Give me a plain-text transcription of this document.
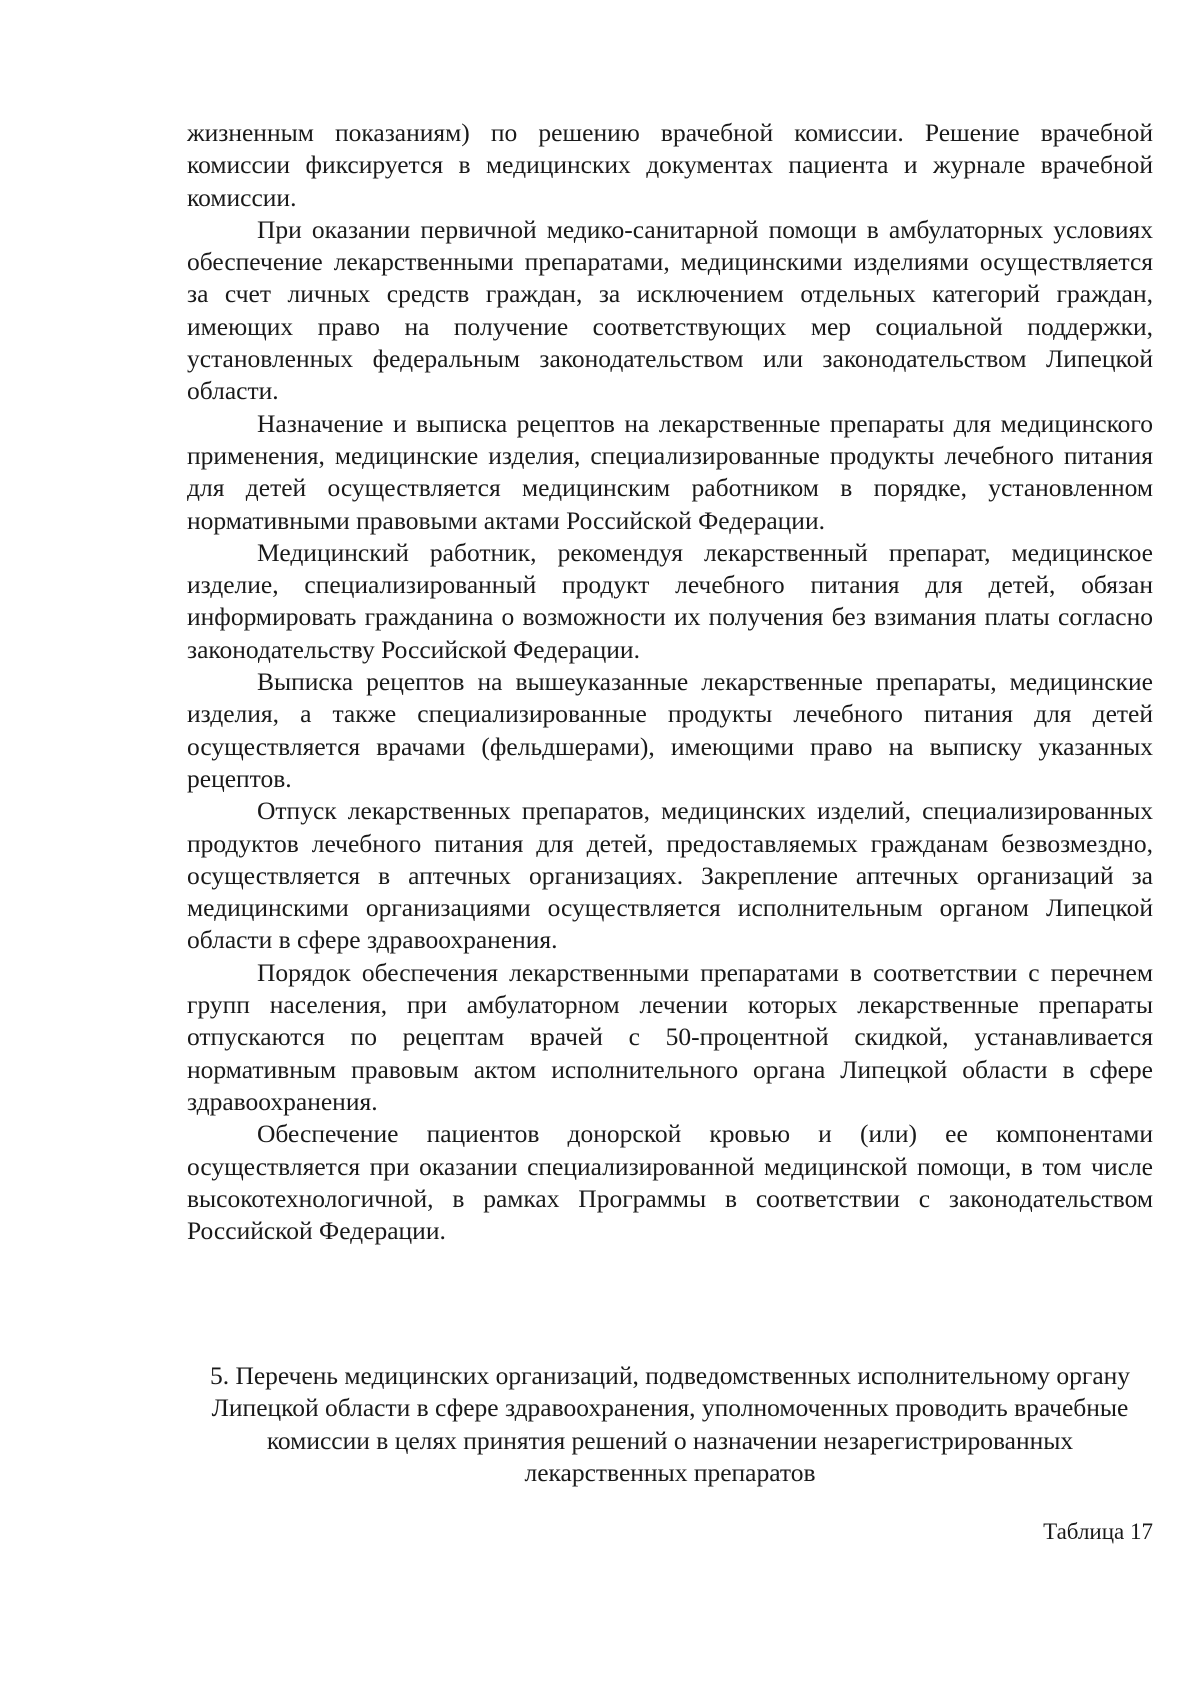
жизненным показаниям) по решению врачебной комиссии. Решение врачебной комиссии фиксируется в медицинских документах пациента и журнале врачебной комиссии.

При оказании первичной медико-санитарной помощи в амбулаторных условиях обеспечение лекарственными препаратами, медицинскими изделиями осуществляется за счет личных средств граждан, за исключением отдельных категорий граждан, имеющих право на получение соответствующих мер социальной поддержки, установленных федеральным законодательством или законодательством Липецкой области.

Назначение и выписка рецептов на лекарственные препараты для медицинского применения, медицинские изделия, специализированные продукты лечебного питания для детей осуществляется медицинским работником в порядке, установленном нормативными правовыми актами Российской Федерации.

Медицинский работник, рекомендуя лекарственный препарат, медицинское изделие, специализированный продукт лечебного питания для детей, обязан информировать гражданина о возможности их получения без взимания платы согласно законодательству Российской Федерации.

Выписка рецептов на вышеуказанные лекарственные препараты, медицинские изделия, а также специализированные продукты лечебного питания для детей осуществляется врачами (фельдшерами), имеющими право на выписку указанных рецептов.

Отпуск лекарственных препаратов, медицинских изделий, специализированных продуктов лечебного питания для детей, предоставляемых гражданам безвозмездно, осуществляется в аптечных организациях. Закрепление аптечных организаций за медицинскими организациями осуществляется исполнительным органом Липецкой области в сфере здравоохранения.

Порядок обеспечения лекарственными препаратами в соответствии с перечнем групп населения, при амбулаторном лечении которых лекарственные препараты отпускаются по рецептам врачей с 50-процентной скидкой, устанавливается нормативным правовым актом исполнительного органа Липецкой области в сфере здравоохранения.

Обеспечение пациентов донорской кровью и (или) ее компонентами осуществляется при оказании специализированной медицинской помощи, в том числе высокотехнологичной, в рамках Программы в соответствии с законодательством Российской Федерации.

5. Перечень медицинских организаций, подведомственных исполнительному органу Липецкой области в сфере здравоохранения, уполномоченных проводить врачебные комиссии в целях принятия решений о назначении незарегистрированных лекарственных препаратов
Таблица 17
